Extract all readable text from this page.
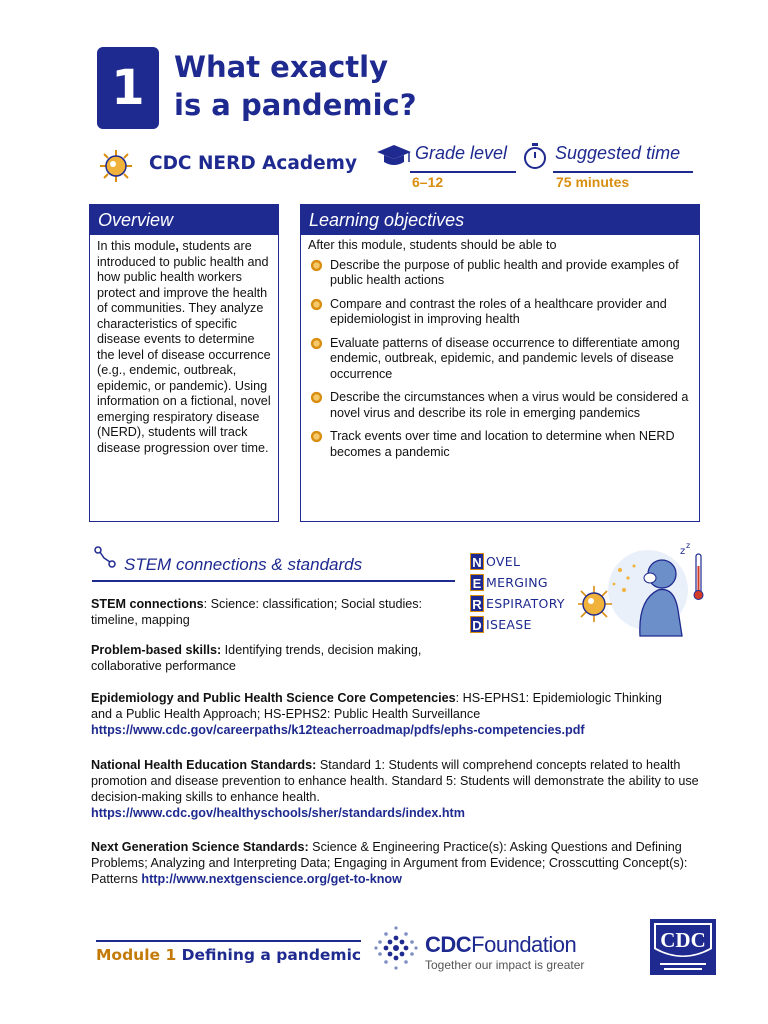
1 What exactly
is a pandemic?
CDC NERD Academy	Grade level
6–12
Suggested time
75 minutes
Overview
In this module, students are introduced to public health and how public health workers protect and improve the health of communities. They analyze characteristics of specific disease events to determine the level of disease occurrence (e.g., endemic, outbreak, epidemic, or pandemic). Using information on a fictional, novel emerging respiratory disease (NERD), students will track disease progression over time.
Learning objectives
After this module, students should be able to
Describe the purpose of public health and provide examples of public health actions
Compare and contrast the roles of a healthcare provider and epidemiologist in improving health
Evaluate patterns of disease occurrence to differentiate among endemic, outbreak, epidemic, and pandemic levels of disease occurrence
Describe the circumstances when a virus would be considered a novel virus and describe its role in emerging pandemics
Track events over time and location to determine when NERD becomes a pandemic
STEM connections & standards	N OVEL
E MERGING
R ESPIRATORY
D ISEASE
z
z
STEM connections: Science: classification; Social studies: timeline, mapping
Problem-based skills: Identifying trends, decision making, collaborative performance
Epidemiology and Public Health Science Core Competencies: HS-EPHS1: Epidemiologic Thinking and a Public Health Approach; HS-EPHS2: Public Health Surveillance
https://www.cdc.gov/careerpaths/k12teacherroadmap/pdfs/ephs-competencies.pdf
National Health Education Standards: Standard 1: Students will comprehend concepts related to health promotion and disease prevention to enhance health. Standard 5: Students will demonstrate the ability to use decision-making skills to enhance health.
https://www.cdc.gov/healthyschools/sher/standards/index.htm
Next Generation Science Standards: Science & Engineering Practice(s): Asking Questions and Defining Problems; Analyzing and Interpreting Data; Engaging in Argument from Evidence; Crosscutting Concept(s): Patterns http://www.nextgenscience.org/get-to-know
Module 1 Defining a pandemic	CDCFoundation
Together our impact is greater
CDC
